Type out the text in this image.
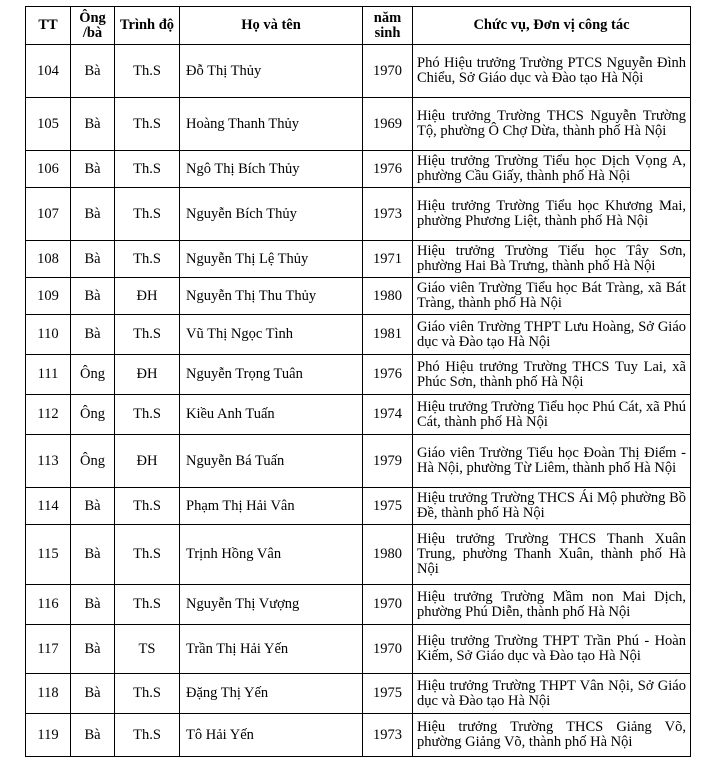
TT	Ông /bà	Trình độ	Họ và tên	năm sinh	Chức vụ, Đơn vị công tác
104	Bà	Th.S	Đỗ Thị Thủy	1970	Phó Hiệu trưởng Trường PTCS Nguyễn Đình Chiểu, Sở Giáo dục và Đào tạo Hà Nội
105	Bà	Th.S	Hoàng Thanh Thủy	1969	Hiệu trưởng Trường THCS Nguyễn Trường Tộ, phường Ô Chợ Dừa, thành phố Hà Nội
106	Bà	Th.S	Ngô Thị Bích Thủy	1976	Hiệu trưởng Trường Tiểu học Dịch Vọng A, phường Cầu Giấy, thành phố Hà Nội
107	Bà	Th.S	Nguyễn Bích Thủy	1973	Hiệu trưởng Trường Tiểu học Khương Mai, phường Phương Liệt, thành phố Hà Nội
108	Bà	Th.S	Nguyễn Thị Lệ Thủy	1971	Hiệu trưởng Trường Tiểu học Tây Sơn, phường Hai Bà Trưng, thành phố Hà Nội
109	Bà	ĐH	Nguyễn Thị Thu Thủy	1980	Giáo viên Trường Tiểu học Bát Tràng, xã Bát Tràng, thành phố Hà Nội
110	Bà	Th.S	Vũ Thị Ngọc Tình	1981	Giáo viên Trường THPT Lưu Hoàng, Sở Giáo dục và Đào tạo Hà Nội
111	Ông	ĐH	Nguyễn Trọng Tuân	1976	Phó Hiệu trưởng Trường THCS Tuy Lai, xã Phúc Sơn, thành phố Hà Nội
112	Ông	Th.S	Kiều Anh Tuấn	1974	Hiệu trưởng Trường Tiểu học Phú Cát, xã Phú Cát, thành phố Hà Nội
113	Ông	ĐH	Nguyễn Bá Tuấn	1979	Giáo viên Trường Tiểu học Đoàn Thị Điểm - Hà Nội, phường Từ Liêm, thành phố Hà Nội
114	Bà	Th.S	Phạm Thị Hải Vân	1975	Hiệu trưởng Trường THCS Ái Mộ phường Bồ Đề, thành phố Hà Nội
115	Bà	Th.S	Trịnh Hồng Vân	1980	Hiệu trưởng Trường THCS Thanh Xuân Trung, phường Thanh Xuân, thành phố Hà Nội
116	Bà	Th.S	Nguyễn Thị Vượng	1970	Hiệu trưởng Trường Mầm non Mai Dịch, phường Phú Diễn, thành phố Hà Nội
117	Bà	TS	Trần Thị Hải Yến	1970	Hiệu trưởng Trường THPT Trần Phú - Hoàn Kiếm, Sở Giáo dục và Đào tạo Hà Nội
118	Bà	Th.S	Đặng Thị Yến	1975	Hiệu trưởng Trường THPT Vân Nội, Sở Giáo dục và Đào tạo Hà Nội
119	Bà	Th.S	Tô Hải Yến	1973	Hiệu trưởng Trường THCS Giảng Võ, phường Giảng Võ, thành phố Hà Nội
